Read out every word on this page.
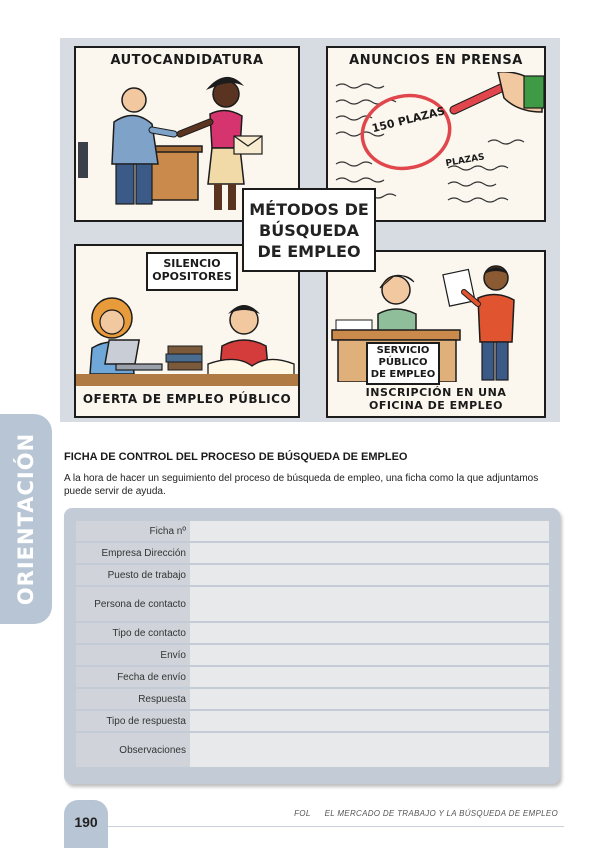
AUTOCANDIDATURA	ANUNCIOS EN PRENSA
150 PLAZAS
PLAZAS
SILENCIO
OPOSITORES
OFERTA DE EMPLEO PÚBLICO
SERVICIO
PÚBLICO
DE EMPLEO
INSCRIPCIÓN EN UNA
OFICINA DE EMPLEO
MÉTODOS DE
BÚSQUEDA
DE EMPLEO
ORIENTACIÓN FICHA DE CONTROL DEL PROCESO DE BÚSQUEDA DE EMPLEO
A la hora de hacer un seguimiento del proceso de búsqueda de empleo, una ficha como la que adjuntamos puede servir de ayuda.
Ficha nº	
Empresa Dirección	
Puesto de trabajo	
Persona de contacto	
Tipo de contacto	
Envío	
Fecha de envío	
Respuesta	
Tipo de respuesta	
Observaciones	
190
FOL EL MERCADO DE TRABAJO Y LA BÚSQUEDA DE EMPLEO
